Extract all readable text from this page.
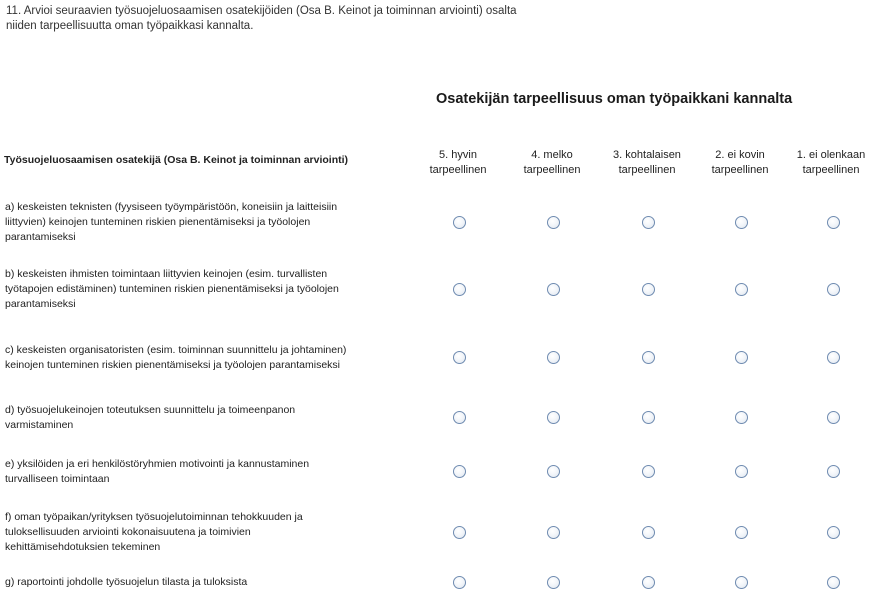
11. Arvioi seuraavien työsuojeluosaamisen osatekijöiden (Osa B. Keinot ja toiminnan arviointi) osalta
niiden tarpeellisuutta oman työpaikkasi kannalta.
Osatekijän tarpeellisuus oman työpaikkani kannalta
Työsuojeluosaamisen osatekijä (Osa B. Keinot ja toiminnan arviointi)	5. hyvin
tarpeellinen
4. melko
tarpeellinen
3. kohtalaisen
tarpeellinen
2. ei kovin
tarpeellinen
1. ei olenkaan
tarpeellinen
a) keskeisten teknisten (fyysiseen työympäristöön, koneisiin ja laitteisiin
liittyvien) keinojen tunteminen riskien pienentämiseksi ja työolojen
parantamiseksi
b) keskeisten ihmisten toimintaan liittyvien keinojen (esim. turvallisten
työtapojen edistäminen) tunteminen riskien pienentämiseksi ja työolojen
parantamiseksi
c) keskeisten organisatoristen (esim. toiminnan suunnittelu ja johtaminen)
keinojen tunteminen riskien pienentämiseksi ja työolojen parantamiseksi
d) työsuojelukeinojen toteutuksen suunnittelu ja toimeenpanon
varmistaminen
e) yksilöiden ja eri henkilöstöryhmien motivointi ja kannustaminen
turvalliseen toimintaan
f) oman työpaikan/yrityksen työsuojelutoiminnan tehokkuuden ja
tuloksellisuuden arviointi kokonaisuutena ja toimivien
kehittämisehdotuksien tekeminen
g) raportointi johdolle työsuojelun tilasta ja tuloksista
